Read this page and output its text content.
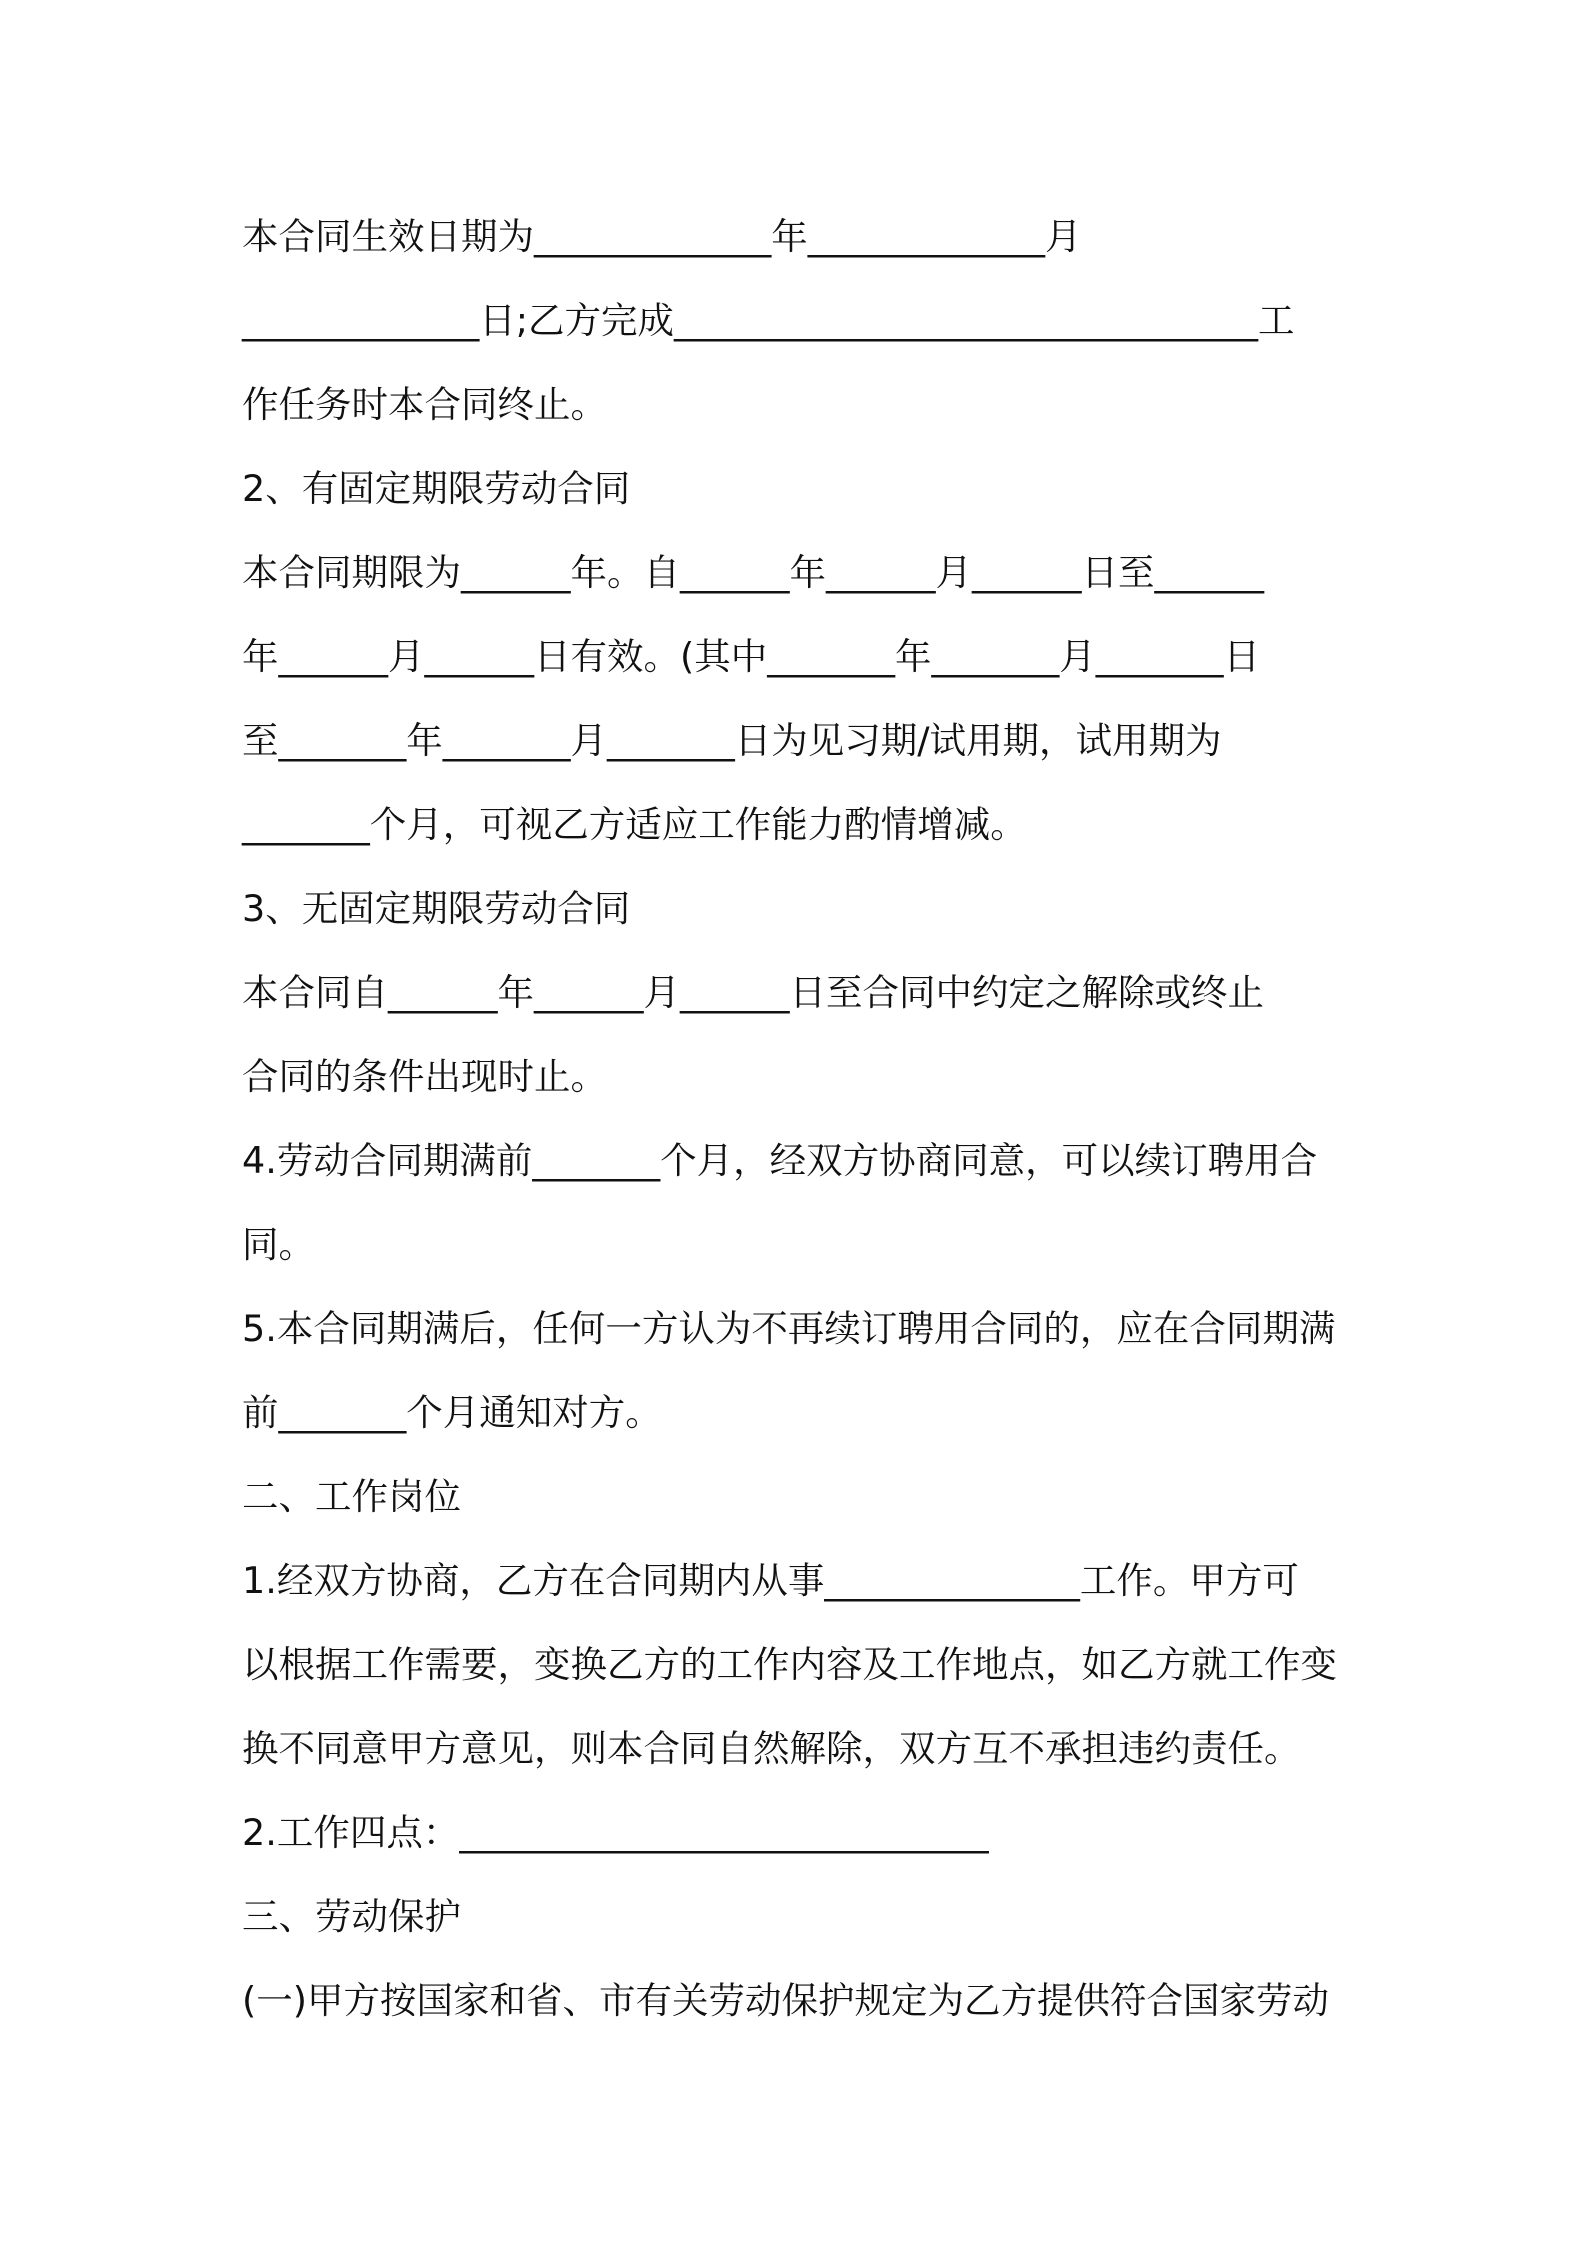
本合同生效日期为_____________年_____________月
_____________日;乙方完成________________________________工
作任务时本合同终止。
2、有固定期限劳动合同
本合同期限为______年。自______年______月______日至______
年______月______日有效。(其中_______年_______月_______日
至_______年_______月_______日为见习期/试用期，试用期为
_______个月，可视乙方适应工作能力酌情增减。
3、无固定期限劳动合同
本合同自______年______月______日至合同中约定之解除或终止
合同的条件出现时止。
4.劳动合同期满前_______个月，经双方协商同意，可以续订聘用合
同。
5.本合同期满后，任何一方认为不再续订聘用合同的，应在合同期满
前_______个月通知对方。
二、工作岗位
1.经双方协商，乙方在合同期内从事______________工作。甲方可
以根据工作需要，变换乙方的工作内容及工作地点，如乙方就工作变
换不同意甲方意见，则本合同自然解除，双方互不承担违约责任。
2.工作四点：_____________________________
三、劳动保护
(一)甲方按国家和省、市有关劳动保护规定为乙方提供符合国家劳动
